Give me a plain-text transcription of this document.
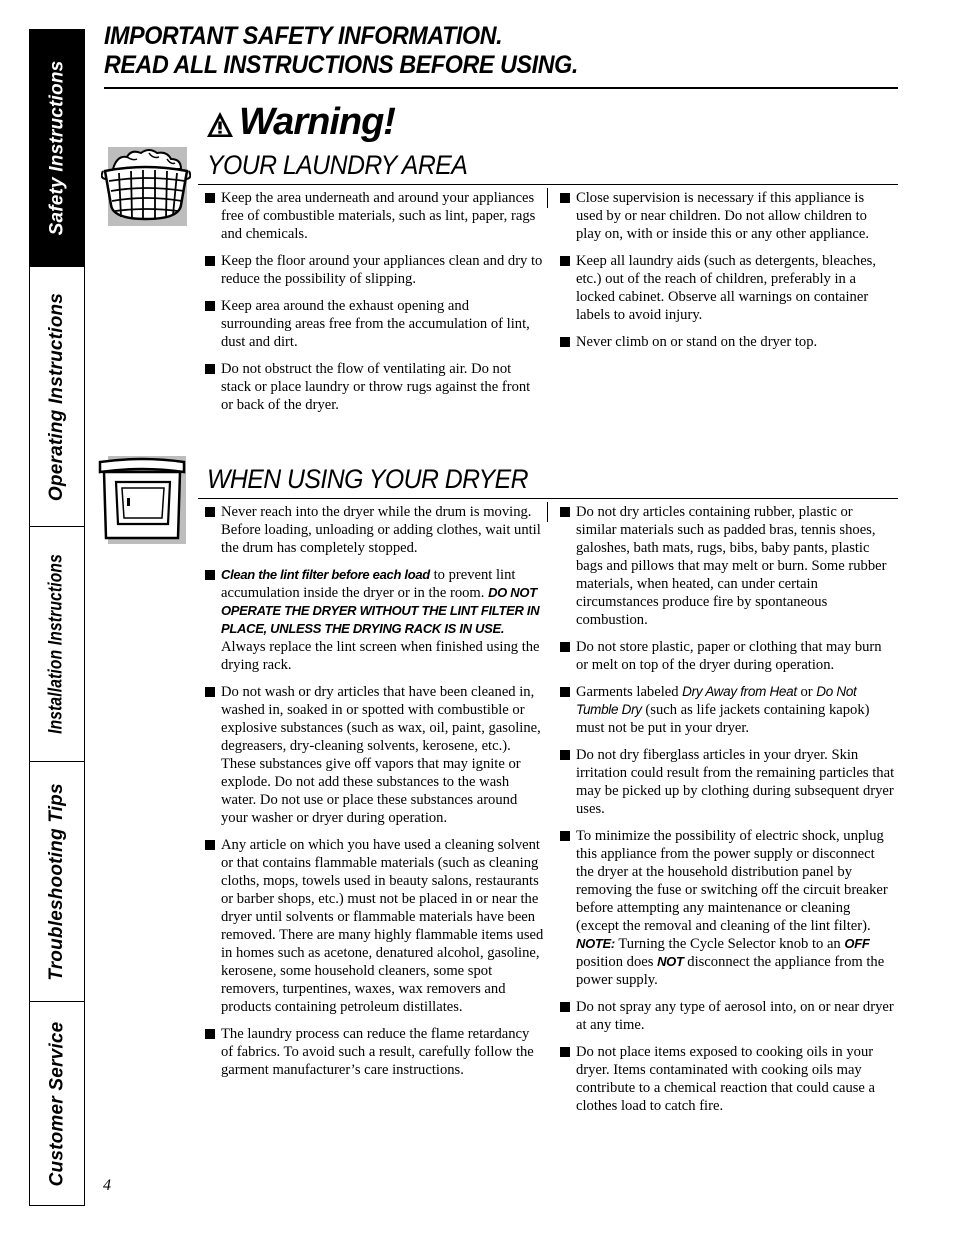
Safety Instructions
Operating Instructions
Installation Instructions
Troubleshooting Tips
Customer Service
IMPORTANT SAFETY INFORMATION.
READ ALL INSTRUCTIONS BEFORE USING.
Warning!
YOUR LAUNDRY AREA
Keep the area underneath and around your appliances free of combustible materials, such as lint, paper, rags and chemicals.
Keep the floor around your appliances clean and dry to reduce the possibility of slipping.
Keep area around the exhaust opening and surrounding areas free from the accumulation of lint, dust and dirt.
Do not obstruct the flow of ventilating air. Do not stack or place laundry or throw rugs against the front or back of the dryer.
Close supervision is necessary if this appliance is used by or near children. Do not allow children to play on, with or inside this or any other appliance.
Keep all laundry aids (such as detergents, bleaches, etc.) out of the reach of children, preferably in a locked cabinet. Observe all warnings on container labels to avoid injury.
Never climb on or stand on the dryer top.
WHEN USING YOUR DRYER
Never reach into the dryer while the drum is moving. Before loading, unloading or adding clothes, wait until the drum has completely stopped.
Clean the lint filter before each load to prevent lint accumulation inside the dryer or in the room. DO NOT OPERATE THE DRYER WITHOUT THE LINT FILTER IN PLACE, UNLESS THE DRYING RACK IS IN USE. Always replace the lint screen when finished using the drying rack.
Do not wash or dry articles that have been cleaned in, washed in, soaked in or spotted with combustible or explosive substances (such as wax, oil, paint, gasoline, degreasers, dry-cleaning solvents, kerosene, etc.). These substances give off vapors that may ignite or explode. Do not add these substances to the wash water. Do not use or place these substances around your washer or dryer during operation.
Any article on which you have used a cleaning solvent or that contains flammable materials (such as cleaning cloths, mops, towels used in beauty salons, restaurants or barber shops, etc.) must not be placed in or near the dryer until solvents or flammable materials have been removed. There are many highly flammable items used in homes such as acetone, denatured alcohol, gasoline, kerosene, some household cleaners, some spot removers, turpentines, waxes, wax removers and products containing petroleum distillates.
The laundry process can reduce the flame retardancy of fabrics. To avoid such a result, carefully follow the garment manufacturer’s care instructions.
Do not dry articles containing rubber, plastic or similar materials such as padded bras, tennis shoes, galoshes, bath mats, rugs, bibs, baby pants, plastic bags and pillows that may melt or burn. Some rubber materials, when heated, can under certain circumstances produce fire by spontaneous combustion.
Do not store plastic, paper or clothing that may burn or melt on top of the dryer during operation.
Garments labeled Dry Away from Heat or Do Not Tumble Dry (such as life jackets containing kapok) must not be put in your dryer.
Do not dry fiberglass articles in your dryer. Skin irritation could result from the remaining particles that may be picked up by clothing during subsequent dryer uses.
To minimize the possibility of electric shock, unplug this appliance from the power supply or disconnect the dryer at the household distribution panel by removing the fuse or switching off the circuit breaker before attempting any maintenance or cleaning (except the removal and cleaning of the lint filter). NOTE: Turning the Cycle Selector knob to an OFF position does NOT disconnect the appliance from the power supply.
Do not spray any type of aerosol into, on or near dryer at any time.
Do not place items exposed to cooking oils in your dryer. Items contaminated with cooking oils may contribute to a chemical reaction that could cause a clothes load to catch fire.
4
